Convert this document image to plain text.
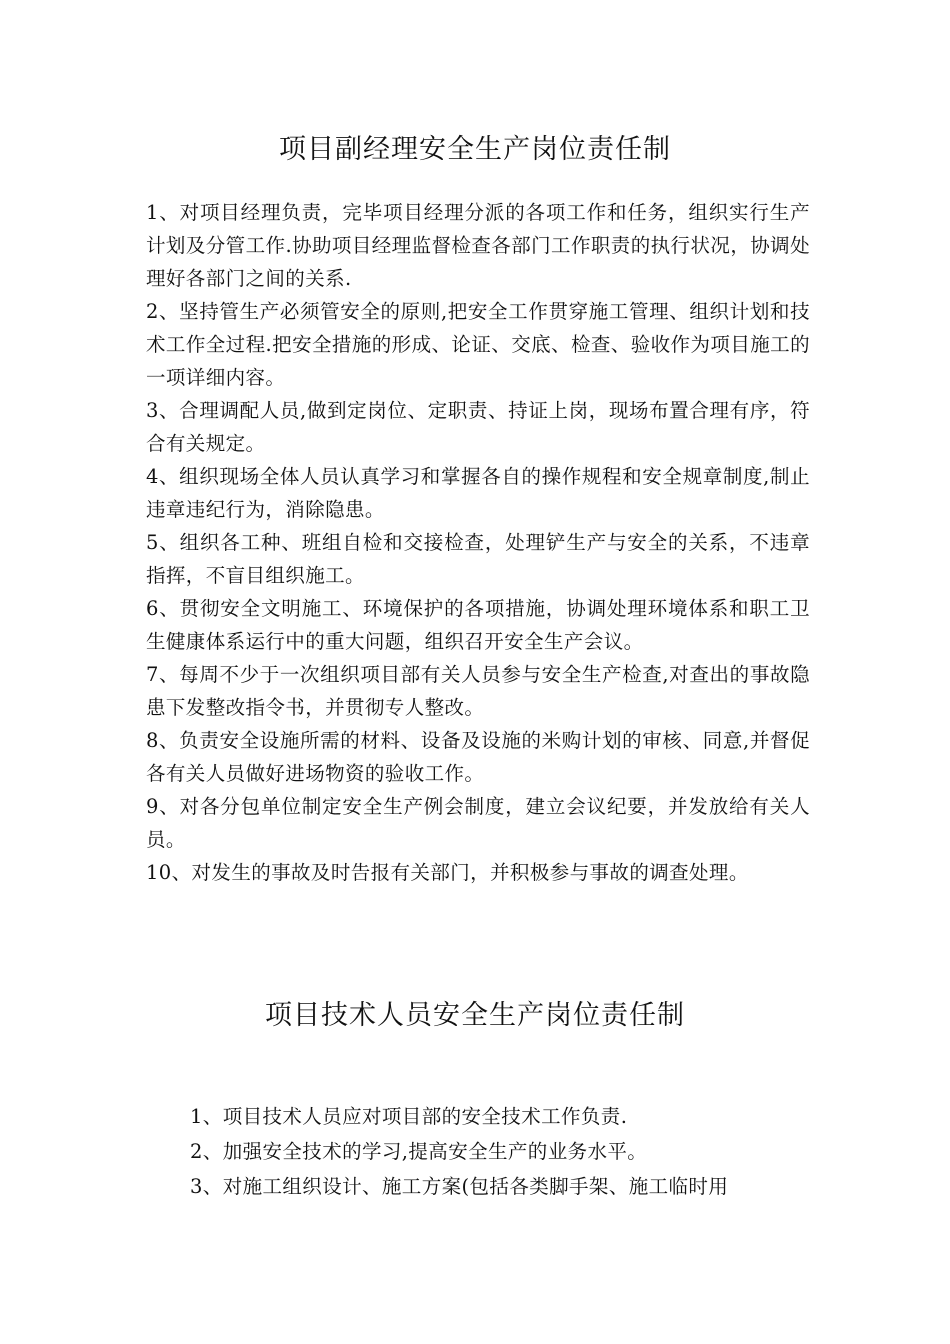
项目副经理安全生产岗位责任制

1、对项目经理负责，完毕项目经理分派的各项工作和任务，组织实行生产计划及分管工作.协助项目经理监督检查各部门工作职责的执行状况，协调处理好各部门之间的关系.

2、坚持管生产必须管安全的原则,把安全工作贯穿施工管理、组织计划和技术工作全过程.把安全措施的形成、论证、交底、检查、验收作为项目施工的一项详细内容。

3、合理调配人员,做到定岗位、定职责、持证上岗，现场布置合理有序，符合有关规定。

4、组织现场全体人员认真学习和掌握各自的操作规程和安全规章制度,制止违章违纪行为，消除隐患。

5、组织各工种、班组自检和交接检查，处理铲生产与安全的关系，不违章指挥，不盲目组织施工。

6、贯彻安全文明施工、环境保护的各项措施，协调处理环境体系和职工卫生健康体系运行中的重大问题，组织召开安全生产会议。

7、每周不少于一次组织项目部有关人员参与安全生产检查,对查出的事故隐患下发整改指令书，并贯彻专人整改。

8、负责安全设施所需的材料、设备及设施的米购计划的审核、同意,并督促各有关人员做好进场物资的验收工作。

9、对各分包单位制定安全生产例会制度，建立会议纪要，并发放给有关人员。

10、对发生的事故及时告报有关部门，并积极参与事故的调查处理。

项目技术人员安全生产岗位责任制

1、项目技术人员应对项目部的安全技术工作负责.

2、加强安全技术的学习,提高安全生产的业务水平。

3、对施工组织设计、施工方案(包括各类脚手架、施工临时用
